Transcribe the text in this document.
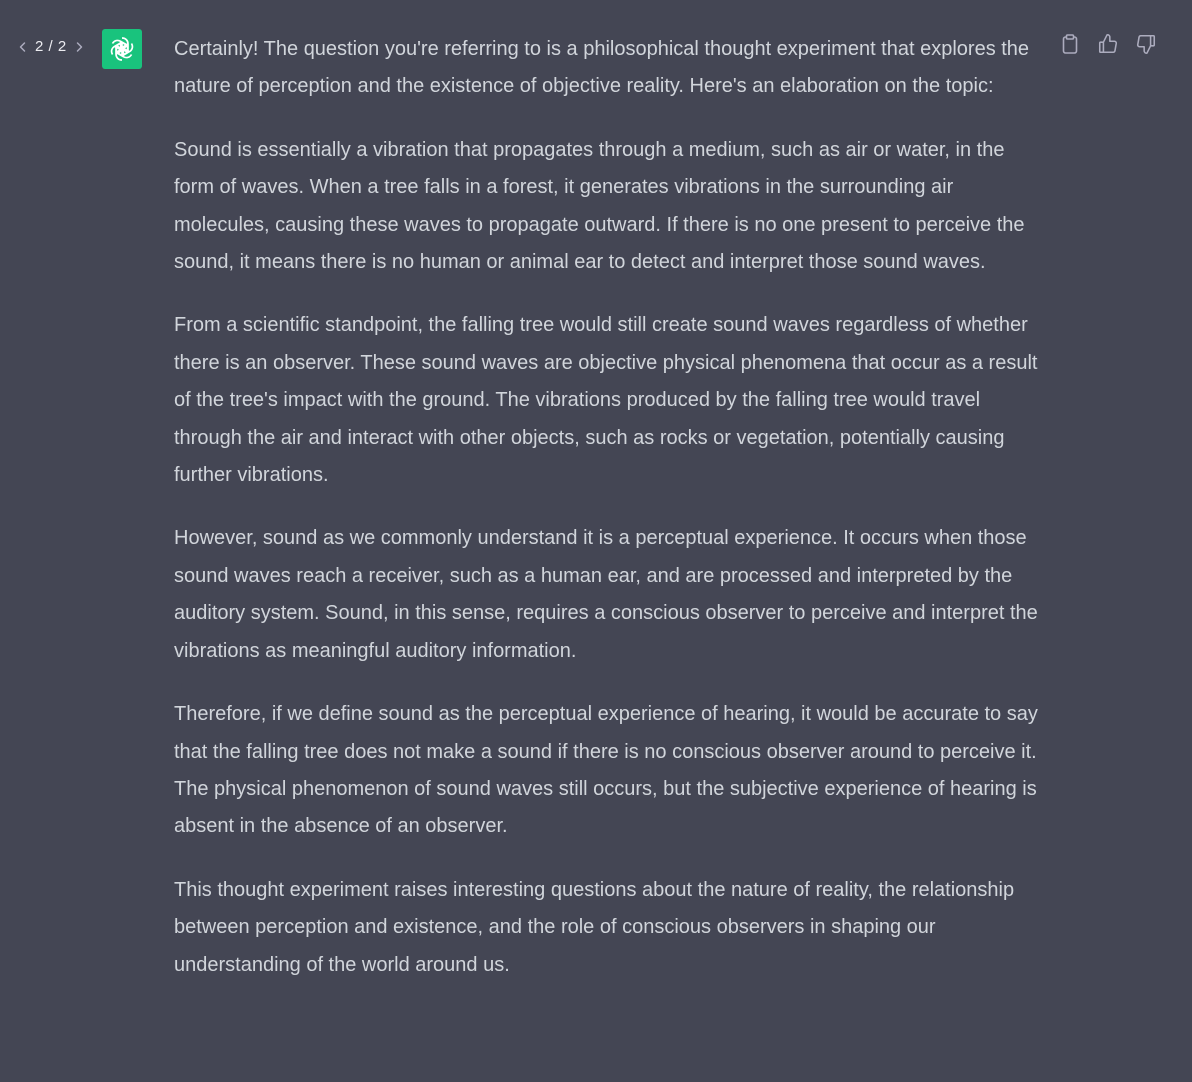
2 / 2	Certainly! The question you're referring to is a philosophical thought experiment that explores the nature of perception and the existence of objective reality. Here's an elaboration on the topic:

Sound is essentially a vibration that propagates through a medium, such as air or water, in the form of waves. When a tree falls in a forest, it generates vibrations in the surrounding air molecules, causing these waves to propagate outward. If there is no one present to perceive the sound, it means there is no human or animal ear to detect and interpret those sound waves.

From a scientific standpoint, the falling tree would still create sound waves regardless of whether there is an observer. These sound waves are objective physical phenomena that occur as a result of the tree's impact with the ground. The vibrations produced by the falling tree would travel through the air and interact with other objects, such as rocks or vegetation, potentially causing further vibrations.

However, sound as we commonly understand it is a perceptual experience. It occurs when those sound waves reach a receiver, such as a human ear, and are processed and interpreted by the auditory system. Sound, in this sense, requires a conscious observer to perceive and interpret the vibrations as meaningful auditory information.

Therefore, if we define sound as the perceptual experience of hearing, it would be accurate to say that the falling tree does not make a sound if there is no conscious observer around to perceive it. The physical phenomenon of sound waves still occurs, but the subjective experience of hearing is absent in the absence of an observer.

This thought experiment raises interesting questions about the nature of reality, the relationship between perception and existence, and the role of conscious observers in shaping our understanding of the world around us.
